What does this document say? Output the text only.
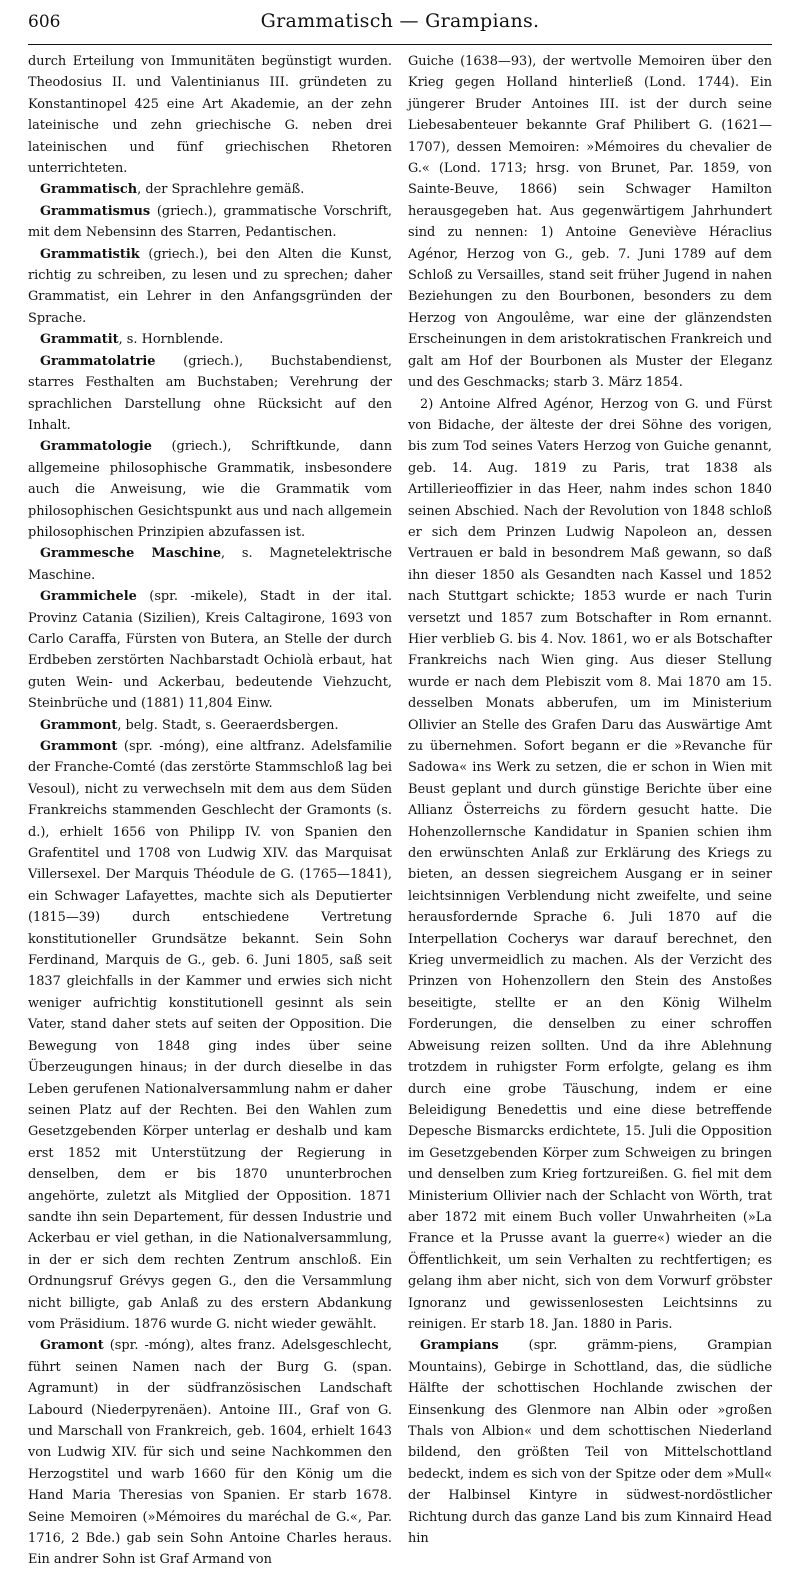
606	Grammatisch — Grampians.

durch Erteilung von Immunitäten begünstigt wurden. Theodosius II. und Valentinianus III. gründeten zu Konstantinopel 425 eine Art Akademie, an der zehn lateinische und zehn griechische G. neben drei lateinischen und fünf griechischen Rhetoren unterrichteten.

Grammatisch, der Sprachlehre gemäß.

Grammatismus (griech.), grammatische Vorschrift, mit dem Nebensinn des Starren, Pedantischen.

Grammatistik (griech.), bei den Alten die Kunst, richtig zu schreiben, zu lesen und zu sprechen; daher Grammatist, ein Lehrer in den Anfangsgründen der Sprache.

Grammatit, s. Hornblende.

Grammatolatrie (griech.), Buchstabendienst, starres Festhalten am Buchstaben; Verehrung der sprachlichen Darstellung ohne Rücksicht auf den Inhalt.

Grammatologie (griech.), Schriftkunde, dann allgemeine philosophische Grammatik, insbesondere auch die Anweisung, wie die Grammatik vom philosophischen Gesichtspunkt aus und nach allgemein philosophischen Prinzipien abzufassen ist.

Grammesche Maschine, s. Magnetelektrische Maschine.

Grammichele (spr. -mikele), Stadt in der ital. Provinz Catania (Sizilien), Kreis Caltagirone, 1693 von Carlo Caraffa, Fürsten von Butera, an Stelle der durch Erdbeben zerstörten Nachbarstadt Ochiolà erbaut, hat guten Wein- und Ackerbau, bedeutende Viehzucht, Steinbrüche und (1881) 11,804 Einw.

Grammont, belg. Stadt, s. Geeraerdsbergen.

Grammont (spr. -móng), eine altfranz. Adelsfamilie der Franche-Comté (das zerstörte Stammschloß lag bei Vesoul), nicht zu verwechseln mit dem aus dem Süden Frankreichs stammenden Geschlecht der Gramonts (s. d.), erhielt 1656 von Philipp IV. von Spanien den Grafentitel und 1708 von Ludwig XIV. das Marquisat Villersexel. Der Marquis Théodule de G. (1765—1841), ein Schwager Lafayettes, machte sich als Deputierter (1815—39) durch entschiedene Vertretung konstitutioneller Grundsätze bekannt. Sein Sohn Ferdinand, Marquis de G., geb. 6. Juni 1805, saß seit 1837 gleichfalls in der Kammer und erwies sich nicht weniger aufrichtig konstitutionell gesinnt als sein Vater, stand daher stets auf seiten der Opposition. Die Bewegung von 1848 ging indes über seine Überzeugungen hinaus; in der durch dieselbe in das Leben gerufenen Nationalversammlung nahm er daher seinen Platz auf der Rechten. Bei den Wahlen zum Gesetzgebenden Körper unterlag er deshalb und kam erst 1852 mit Unterstützung der Regierung in denselben, dem er bis 1870 ununterbrochen angehörte, zuletzt als Mitglied der Opposition. 1871 sandte ihn sein Departement, für dessen Industrie und Ackerbau er viel gethan, in die Nationalversammlung, in der er sich dem rechten Zentrum anschloß. Ein Ordnungsruf Grévys gegen G., den die Versammlung nicht billigte, gab Anlaß zu des erstern Abdankung vom Präsidium. 1876 wurde G. nicht wieder gewählt.

Gramont (spr. -móng), altes franz. Adelsgeschlecht, führt seinen Namen nach der Burg G. (span. Agramunt) in der südfranzösischen Landschaft Labourd (Niederpyrenäen). Antoine III., Graf von G. und Marschall von Frankreich, geb. 1604, erhielt 1643 von Ludwig XIV. für sich und seine Nachkommen den Herzogstitel und warb 1660 für den König um die Hand Maria Theresias von Spanien. Er starb 1678. Seine Memoiren (»Mémoires du maréchal de G.«, Par. 1716, 2 Bde.) gab sein Sohn Antoine Charles heraus. Ein andrer Sohn ist Graf Armand von

Guiche (1638—93), der wertvolle Memoiren über den Krieg gegen Holland hinterließ (Lond. 1744). Ein jüngerer Bruder Antoines III. ist der durch seine Liebesabenteuer bekannte Graf Philibert G. (1621—1707), dessen Memoiren: »Mémoires du chevalier de G.« (Lond. 1713; hrsg. von Brunet, Par. 1859, von Sainte-Beuve, 1866) sein Schwager Hamilton herausgegeben hat. Aus gegenwärtigem Jahrhundert sind zu nennen: 1) Antoine Geneviève Héraclius Agénor, Herzog von G., geb. 7. Juni 1789 auf dem Schloß zu Versailles, stand seit früher Jugend in nahen Beziehungen zu den Bourbonen, besonders zu dem Herzog von Angoulême, war eine der glänzendsten Erscheinungen in dem aristokratischen Frankreich und galt am Hof der Bourbonen als Muster der Eleganz und des Geschmacks; starb 3. März 1854.

2) Antoine Alfred Agénor, Herzog von G. und Fürst von Bidache, der älteste der drei Söhne des vorigen, bis zum Tod seines Vaters Herzog von Guiche genannt, geb. 14. Aug. 1819 zu Paris, trat 1838 als Artillerieoffizier in das Heer, nahm indes schon 1840 seinen Abschied. Nach der Revolution von 1848 schloß er sich dem Prinzen Ludwig Napoleon an, dessen Vertrauen er bald in besondrem Maß gewann, so daß ihn dieser 1850 als Gesandten nach Kassel und 1852 nach Stuttgart schickte; 1853 wurde er nach Turin versetzt und 1857 zum Botschafter in Rom ernannt. Hier verblieb G. bis 4. Nov. 1861, wo er als Botschafter Frankreichs nach Wien ging. Aus dieser Stellung wurde er nach dem Plebiszit vom 8. Mai 1870 am 15. desselben Monats abberufen, um im Ministerium Ollivier an Stelle des Grafen Daru das Auswärtige Amt zu übernehmen. Sofort begann er die »Revanche für Sadowa« ins Werk zu setzen, die er schon in Wien mit Beust geplant und durch günstige Berichte über eine Allianz Österreichs zu fördern gesucht hatte. Die Hohenzollernsche Kandidatur in Spanien schien ihm den erwünschten Anlaß zur Erklärung des Kriegs zu bieten, an dessen siegreichem Ausgang er in seiner leichtsinnigen Verblendung nicht zweifelte, und seine herausfordernde Sprache 6. Juli 1870 auf die Interpellation Cocherys war darauf berechnet, den Krieg unvermeidlich zu machen. Als der Verzicht des Prinzen von Hohenzollern den Stein des Anstoßes beseitigte, stellte er an den König Wilhelm Forderungen, die denselben zu einer schroffen Abweisung reizen sollten. Und da ihre Ablehnung trotzdem in ruhigster Form erfolgte, gelang es ihm durch eine grobe Täuschung, indem er eine Beleidigung Benedettis und eine diese betreffende Depesche Bismarcks erdichtete, 15. Juli die Opposition im Gesetzgebenden Körper zum Schweigen zu bringen und denselben zum Krieg fortzureißen. G. fiel mit dem Ministerium Ollivier nach der Schlacht von Wörth, trat aber 1872 mit einem Buch voller Unwahrheiten (»La France et la Prusse avant la guerre«) wieder an die Öffentlichkeit, um sein Verhalten zu rechtfertigen; es gelang ihm aber nicht, sich von dem Vorwurf gröbster Ignoranz und gewissenlosesten Leichtsinns zu reinigen. Er starb 18. Jan. 1880 in Paris.

Grampians (spr. grämm-piens, Grampian Mountains), Gebirge in Schottland, das, die südliche Hälfte der schottischen Hochlande zwischen der Einsenkung des Glenmore nan Albin oder »großen Thals von Albion« und dem schottischen Niederland bildend, den größten Teil von Mittelschottland bedeckt, indem es sich von der Spitze oder dem »Mull« der Halbinsel Kintyre in südwest-nordöstlicher Richtung durch das ganze Land bis zum Kinnaird Head hin
